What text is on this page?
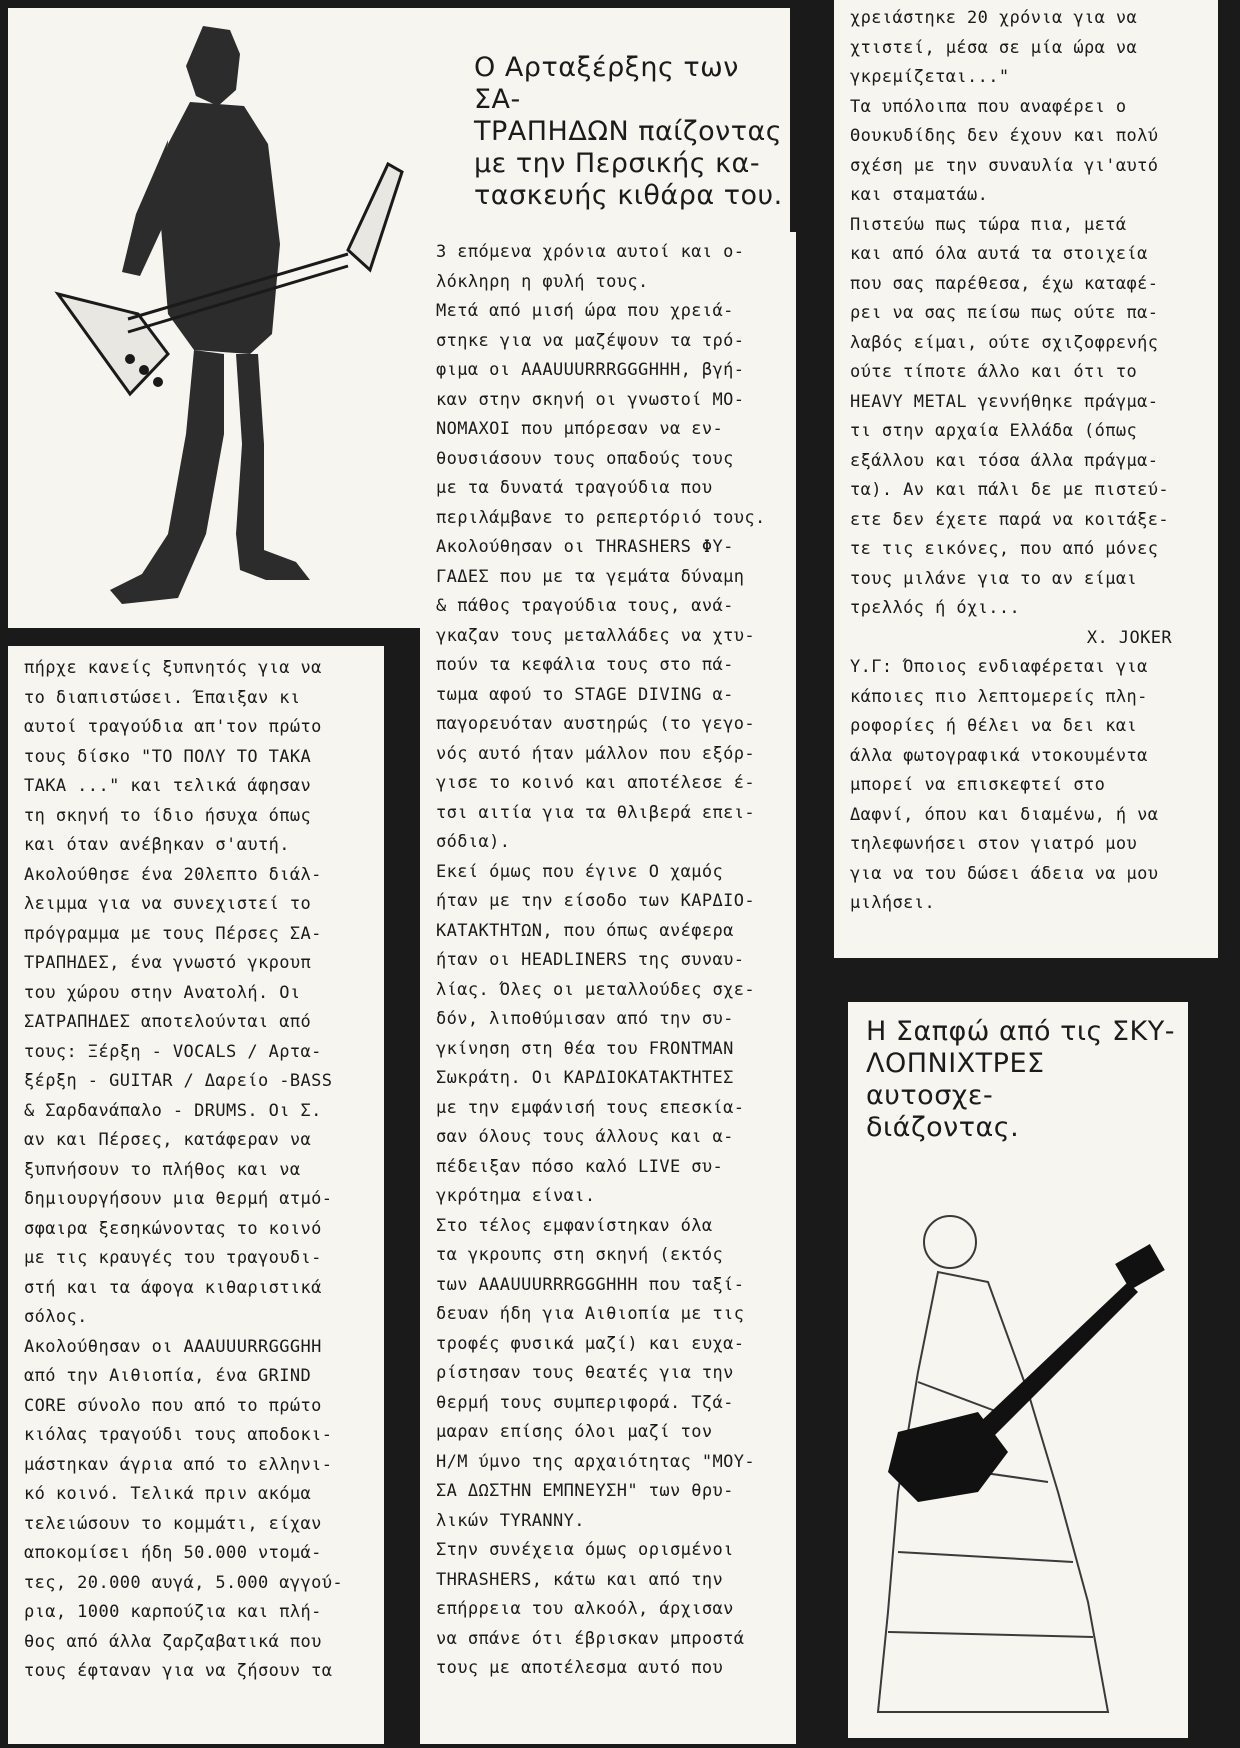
Ο Αρταξέρξης των ΣΑ-
ΤΡΑΠΗΔΩΝ παίζοντας
με την Περσικής κα-
τασκευής κιθάρα του.

χρειάστηκε 20 χρόνια για να
χτιστεί, μέσα σε μία ώρα να
γκρεμίζεται..."

Τα υπόλοιπα που αναφέρει ο
Θουκυδίδης δεν έχουν και πολύ
σχέση με την συναυλία γι'αυτό
και σταματάω.

Πιστεύω πως τώρα πια, μετά
και από όλα αυτά τα στοιχεία
που σας παρέθεσα, έχω καταφέ-
ρει να σας πείσω πως ούτε πα-
λαβός είμαι, ούτε σχιζοφρενής
ούτε τίποτε άλλο και ότι το
HEAVY METAL γεννήθηκε πράγμα-
τι στην αρχαία Ελλάδα (όπως
εξάλλου και τόσα άλλα πράγμα-
τα). Αν και πάλι δε με πιστεύ-
ετε δεν έχετε παρά να κοιτάξε-
τε τις εικόνες, που από μόνες
τους μιλάνε για το αν είμαι
τρελλός ή όχι...

Χ. JOKER

Υ.Γ: Όποιος ενδιαφέρεται για
κάποιες πιο λεπτομερείς πλη-
ροφορίες ή θέλει να δει και
άλλα φωτογραφικά ντοκουμέντα
μπορεί να επισκεφτεί στο
Δαφνί, όπου και διαμένω, ή να
τηλεφωνήσει στον γιατρό μου
για να του δώσει άδεια να μου
μιλήσει.

πήρχε κανείς ξυπνητός για να
το διαπιστώσει. Έπαιξαν κι
αυτοί τραγούδια απ'τον πρώτο
τους δίσκο "ΤΟ ΠΟΛΥ ΤΟ ΤΑΚΑ
ΤΑΚΑ ..." και τελικά άφησαν
τη σκηνή το ίδιο ήσυχα όπως
και όταν ανέβηκαν σ'αυτή.

Ακολούθησε ένα 20λεπτο διάλ-
λειμμα για να συνεχιστεί το
πρόγραμμα με τους Πέρσες ΣΑ-
ΤΡΑΠΗΔΕΣ, ένα γνωστό γκρουπ
του χώρου στην Ανατολή. Οι
ΣΑΤΡΑΠΗΔΕΣ αποτελούνται από
τους: Ξέρξη - VOCALS / Αρτα-
ξέρξη - GUITAR / Δαρείο -BASS
& Σαρδανάπαλο - DRUMS. Οι Σ.
αν και Πέρσες, κατάφεραν να
ξυπνήσουν το πλήθος και να
δημιουργήσουν μια θερμή ατμό-
σφαιρα ξεσηκώνοντας το κοινό
με τις κραυγές του τραγουδι-
στή και τα άφογα κιθαριστικά
σόλος.

Ακολούθησαν οι ΑΑΑUUURRGGGHH
από την Αιθιοπία, ένα GRIND
CORE σύνολο που από το πρώτο
κιόλας τραγούδι τους αποδοκι-
μάστηκαν άγρια από το ελληνι-
κό κοινό. Τελικά πριν ακόμα
τελειώσουν το κομμάτι, είχαν
αποκομίσει ήδη 50.000 ντομά-
τες, 20.000 αυγά, 5.000 αγγού-
ρια, 1000 καρπούζια και πλή-
θος από άλλα ζαρζαβατικά που
τους έφταναν για να ζήσουν τα

3 επόμενα χρόνια αυτοί και ο-
λόκληρη η φυλή τους.

Μετά από μισή ώρα που χρειά-
στηκε για να μαζέψουν τα τρό-
φιμα οι ΑΑΑUUURRRGGGHHH, βγή-
καν στην σκηνή οι γνωστοί ΜΟ-
ΝΟΜΑΧΟΙ που μπόρεσαν να εν-
θουσιάσουν τους οπαδούς τους
με τα δυνατά τραγούδια που
περιλάμβανε το ρεπερτόριό τους.

Ακολούθησαν οι THRASHERS ΦΥ-
ΓΑΔΕΣ που με τα γεμάτα δύναμη
& πάθος τραγούδια τους, ανά-
γκαζαν τους μεταλλάδες να χτυ-
πούν τα κεφάλια τους στο πά-
τωμα αφού το STAGE DIVING α-
παγορευόταν αυστηρώς (το γεγο-
νός αυτό ήταν μάλλον που εξόρ-
γισε το κοινό και αποτέλεσε έ-
τσι αιτία για τα θλιβερά επει-
σόδια).

Εκεί όμως που έγινε Ο χαμός
ήταν με την είσοδο των ΚΑΡΔΙΟ-
ΚΑΤΑΚΤΗΤΩΝ, που όπως ανέφερα
ήταν οι HEADLINERS της συναυ-
λίας. Όλες οι μεταλλούδες σχε-
δόν, λιποθύμισαν από την συ-
γκίνηση στη θέα του FRONTMAN
Σωκράτη. Οι ΚΑΡΔΙΟΚΑΤΑΚΤΗΤΕΣ
με την εμφάνισή τους επεσκία-
σαν όλους τους άλλους και α-
πέδειξαν πόσο καλό LIVE συ-
γκρότημα είναι.

Στο τέλος εμφανίστηκαν όλα
τα γκρουπς στη σκηνή (εκτός
των ΑΑΑUUURRRGGGHHH που ταξί-
δευαν ήδη για Αιθιοπία με τις
τροφές φυσικά μαζί) και ευχα-
ρίστησαν τους θεατές για την
θερμή τους συμπεριφορά. Τζά-
μαραν επίσης όλοι μαζί τον
Η/Μ ύμνο της αρχαιότητας "ΜΟΥ-
ΣΑ ΔΩΣΤΗΝ ΕΜΠΝΕΥΣΗ" των θρυ-
λικών TYRANNY.

Στην συνέχεια όμως ορισμένοι
THRASHERS, κάτω και από την
επήρρεια του αλκοόλ, άρχισαν
να σπάνε ότι έβρισκαν μπροστά
τους με αποτέλεσμα αυτό που

Η Σαπφώ από τις ΣΚΥ-
ΛΟΠΝΙΧΤΡΕΣ αυτοσχε-
διάζοντας.
